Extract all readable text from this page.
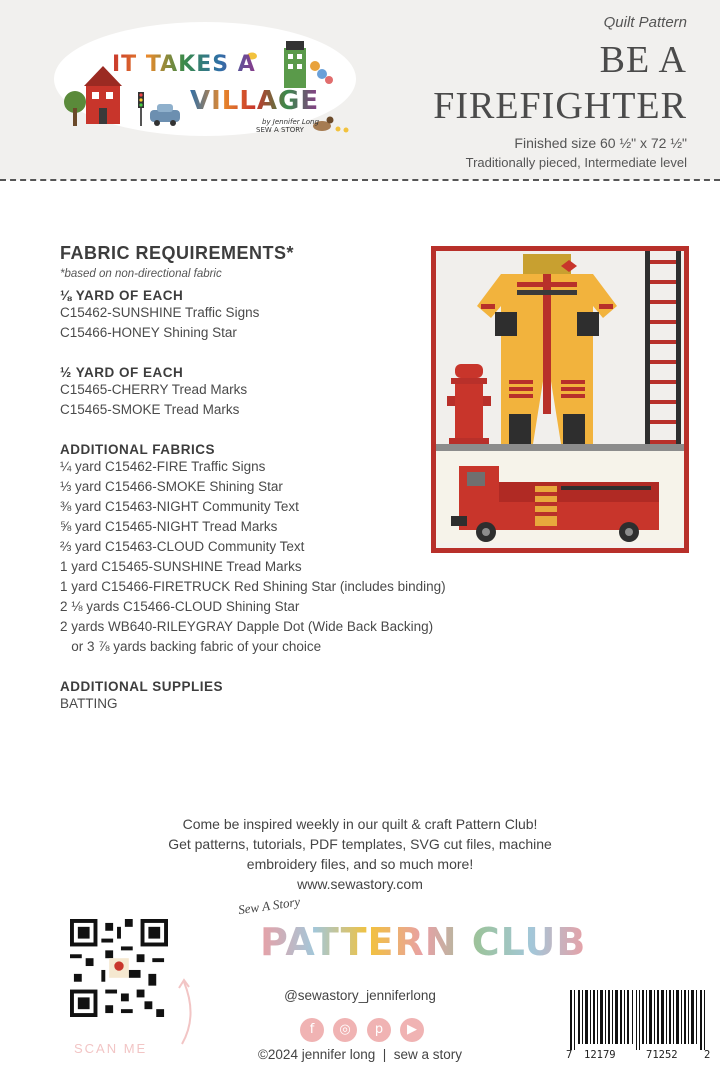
IT TAKES A
VILLAGE
by Jennifer Long
SEW A STORY
Quilt Pattern
BE A
FIREFIGHTER
Finished size 60 ½" x 72 ½"
Traditionally pieced, Intermediate level
FABRIC REQUIREMENTS*
*based on non-directional fabric
⅛ YARD OF EACH
C15462-SUNSHINE Traffic Signs
C15466-HONEY Shining Star
½ YARD OF EACH
C15465-CHERRY Tread Marks
C15465-SMOKE Tread Marks
ADDITIONAL FABRICS
¼ yard C15462-FIRE Traffic Signs
⅓ yard C15466-SMOKE Shining Star
⅜ yard C15463-NIGHT Community Text
⅝ yard C15465-NIGHT Tread Marks
⅔ yard C15463-CLOUD Community Text
1 yard C15465-SUNSHINE Tread Marks
1 yard C15466-FIRETRUCK Red Shining Star (includes binding)
2 ⅛ yards C15466-CLOUD Shining Star
2 yards WB640-RILEYGRAY Dapple Dot (Wide Back Backing)
or 3 ⅞ yards backing fabric of your choice
ADDITIONAL SUPPLIES
BATTING
Come be inspired weekly in our quilt & craft Pattern Club!
Get patterns, tutorials, PDF templates, SVG cut files, machine
embroidery files, and so much more!
www.sewastory.com
SCAN ME
Sew A Story
PATTERN CLUB
@sewastory_jenniferlong
f	◎	p	▶
©2024 jennifer long  |  sew a story	7 12179	71252	2
